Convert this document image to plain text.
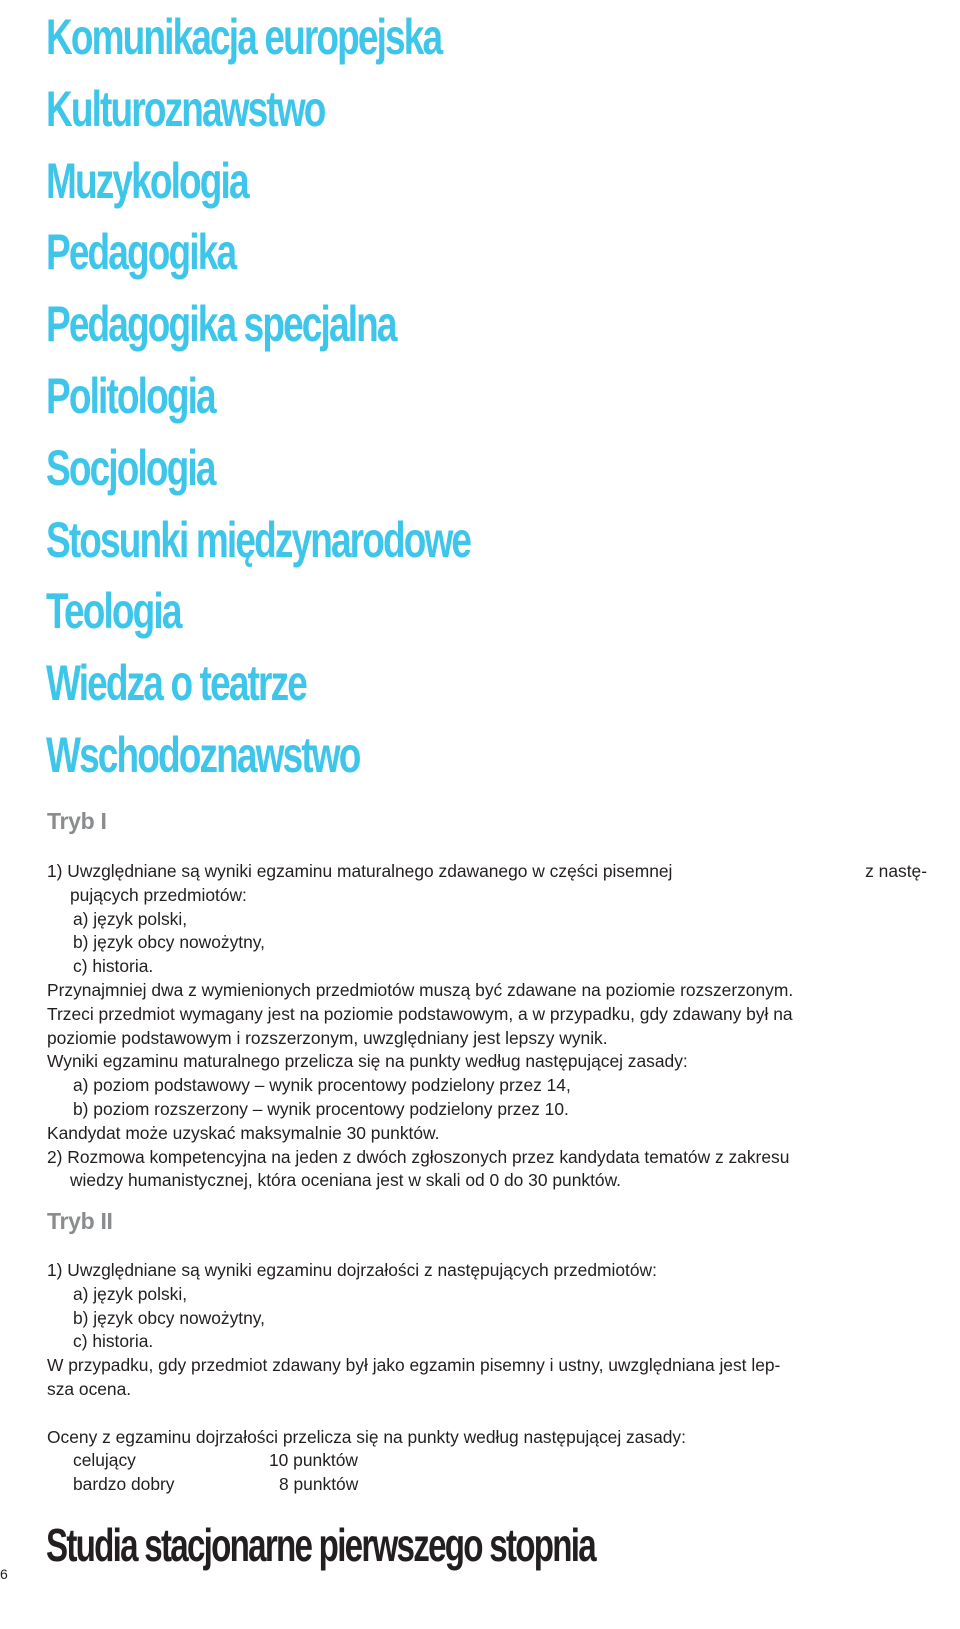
Komunikacja europejska
Kulturoznawstwo
Muzykologia
Pedagogika
Pedagogika specjalna
Politologia
Socjologia
Stosunki międzynarodowe
Teologia
Wiedza o teatrze
Wschodoznawstwo
Tryb I
1) Uwzględniane są wyniki egzaminu maturalnego zdawanego w części pisemnej	z nastę-
pujących przedmiotów:
a) język polski,
b) język obcy nowożytny,
c) historia.
Przynajmniej dwa z wymienionych przedmiotów muszą być zdawane na poziomie rozszerzonym.
Trzeci przedmiot wymagany jest na poziomie podstawowym, a w przypadku, gdy zdawany był na
poziomie podstawowym i rozszerzonym, uwzględniany jest lepszy wynik.
Wyniki egzaminu maturalnego przelicza się na punkty według następującej zasady:
a) poziom podstawowy – wynik procentowy podzielony przez 14,
b) poziom rozszerzony – wynik procentowy podzielony przez 10.
Kandydat może uzyskać maksymalnie 30 punktów.
2) Rozmowa kompetencyjna na jeden z dwóch zgłoszonych przez kandydata tematów z zakresu
wiedzy humanistycznej, która oceniana jest w skali od 0 do 30 punktów.
Tryb II
1) Uwzględniane są wyniki egzaminu dojrzałości z następujących przedmiotów:
a) język polski,
b) język obcy nowożytny,
c) historia.
W przypadku, gdy przedmiot zdawany był jako egzamin pisemny i ustny, uwzględniana jest lep-
sza ocena.
Oceny z egzaminu dojrzałości przelicza się na punkty według następującej zasady:
celujący	10 punktów
bardzo dobry	8 punktów
6
Studia stacjonarne pierwszego stopnia
